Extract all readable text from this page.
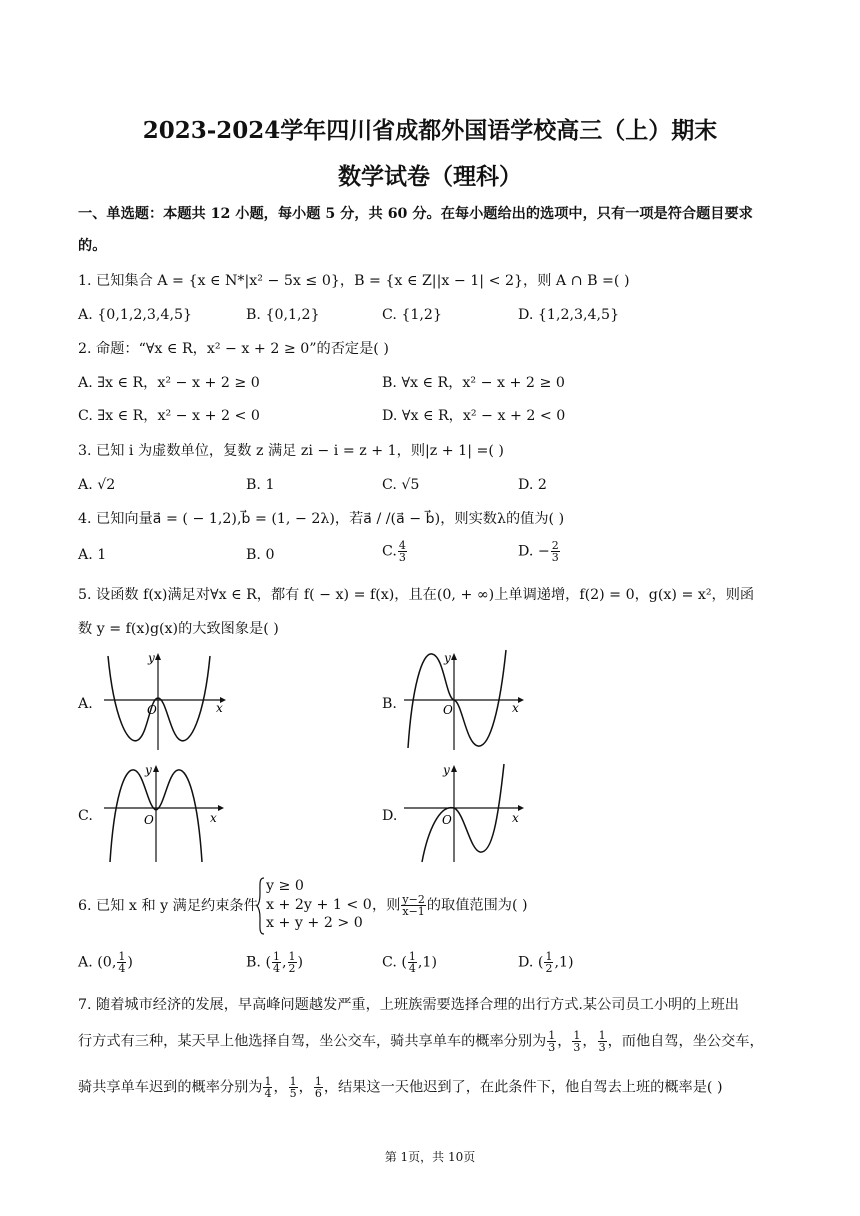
2023-2024学年四川省成都外国语学校高三（上）期末
数学试卷（理科）
一、单选题：本题共 12 小题，每小题 5 分，共 60 分。在每小题给出的选项中，只有一项是符合题目要求
的。
1. 已知集合 A = {x ∈ N*|x² − 5x ≤ 0}，B = {x ∈ Z||x − 1| < 2}，则 A ∩ B =( )
A. {0,1,2,3,4,5}	B. {0,1,2}	C. {1,2}	D. {1,2,3,4,5}
2. 命题：“∀x ∈ R，x² − x + 2 ≥ 0”的否定是( )
A. ∃x ∈ R，x² − x + 2 ≥ 0	B. ∀x ∈ R，x² − x + 2 ≥ 0
C. ∃x ∈ R，x² − x + 2 < 0	D. ∀x ∈ R，x² − x + 2 < 0
3. 已知 i 为虚数单位，复数 z 满足 zi − i = z + 1，则|z + 1| =( )
A. √2	B. 1	C. √5	D. 2
4. 已知向量a⃗ = ( − 1,2),b⃗ = (1, − 2λ)，若a⃗ / /(a⃗ − b⃗)，则实数λ的值为( )
A. 1	B. 0	C. $\frac{4}{3}$	D. − $\frac{2}{3}$
5. 设函数 f(x)满足对∀x ∈ R，都有 f( − x) = f(x)，且在(0, + ∞)上单调递增，f(2) = 0，g(x) = x²，则函
数 y = f(x)g(x)的大致图象是( )
A.	B.
C.	D.
y
x
O
y
x
O
y
x
O
y
x
O
6. 已知 x 和 y 满足约束条件
y ≥ 0
x + 2y + 1 < 0
x + y + 2 > 0
，则 $\frac{y-2}{x-1}$ 的取值范围为( )
A. (0, $\frac{1}{4}$ )	B. ( $\frac{1}{4}$ , $\frac{1}{2}$ )	C. ( $\frac{1}{4} ,1$)	D. ( $\frac{1}{2} ,1$)
7. 随着城市经济的发展，早高峰问题越发严重，上班族需要选择合理的出行方式.某公司员工小明的上班出
行方式有三种，某天早上他选择自驾，坐公交车，骑共享单车的概率分别为 $\frac{1}{3}$ ， $\frac{1}{3}$ ， $\frac{1}{3}$ ，而他自驾，坐公交车，
骑共享单车迟到的概率分别为 $\frac{1}{4}$ ， $\frac{1}{5}$ ， $\frac{1}{6}$ ，结果这一天他迟到了，在此条件下，他自驾去上班的概率是( )
第 1页，共 10页
